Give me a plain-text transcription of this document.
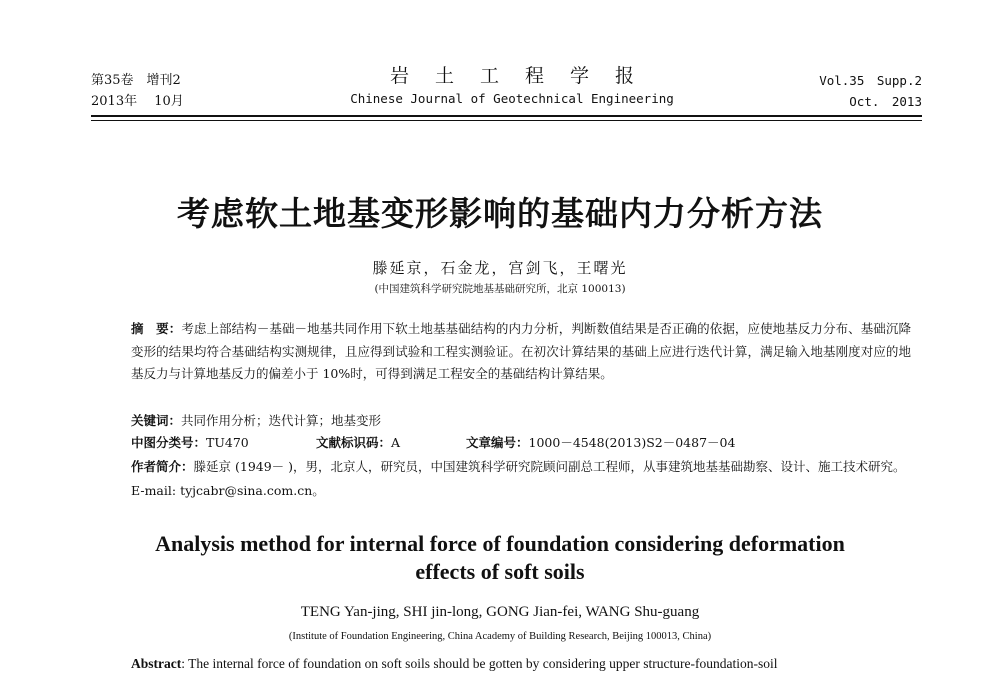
第35卷　增刊2
2013年　 10月
岩土工程学报
Chinese Journal of Geotechnical Engineering
Vol.35　Supp.2
Oct.　2013
考虑软土地基变形影响的基础内力分析方法
滕延京，石金龙，宫剑飞，王曙光
(中国建筑科学研究院地基基础研究所，北京 100013)
摘　要：考虑上部结构－基础－地基共同作用下软土地基基础结构的内力分析，判断数值结果是否正确的依据，应使地基反力分布、基础沉降变形的结果均符合基础结构实测规律，且应得到试验和工程实测验证。在初次计算结果的基础上应进行迭代计算，满足输入地基刚度对应的地基反力与计算地基反力的偏差小于 10%时，可得到满足工程安全的基础结构计算结果。
关键词：共同作用分析；迭代计算；地基变形
中图分类号：TU470	文献标识码：A	文章编号：1000－4548(2013)S2－0487－04
作者简介：滕延京 (1949－ )，男，北京人，研究员，中国建筑科学研究院顾问副总工程师，从事建筑地基基础勘察、设计、施工技术研究。E-mail: tyjcabr@sina.com.cn。
Analysis method for internal force of foundation considering deformation
effects of soft soils
TENG Yan-jing, SHI jin-long, GONG Jian-fei, WANG Shu-guang
(Institute of Foundation Engineering, China Academy of Building Research, Beijing 100013, China)
Abstract: The internal force of foundation on soft soils should be gotten by considering upper structure-foundation-soil
